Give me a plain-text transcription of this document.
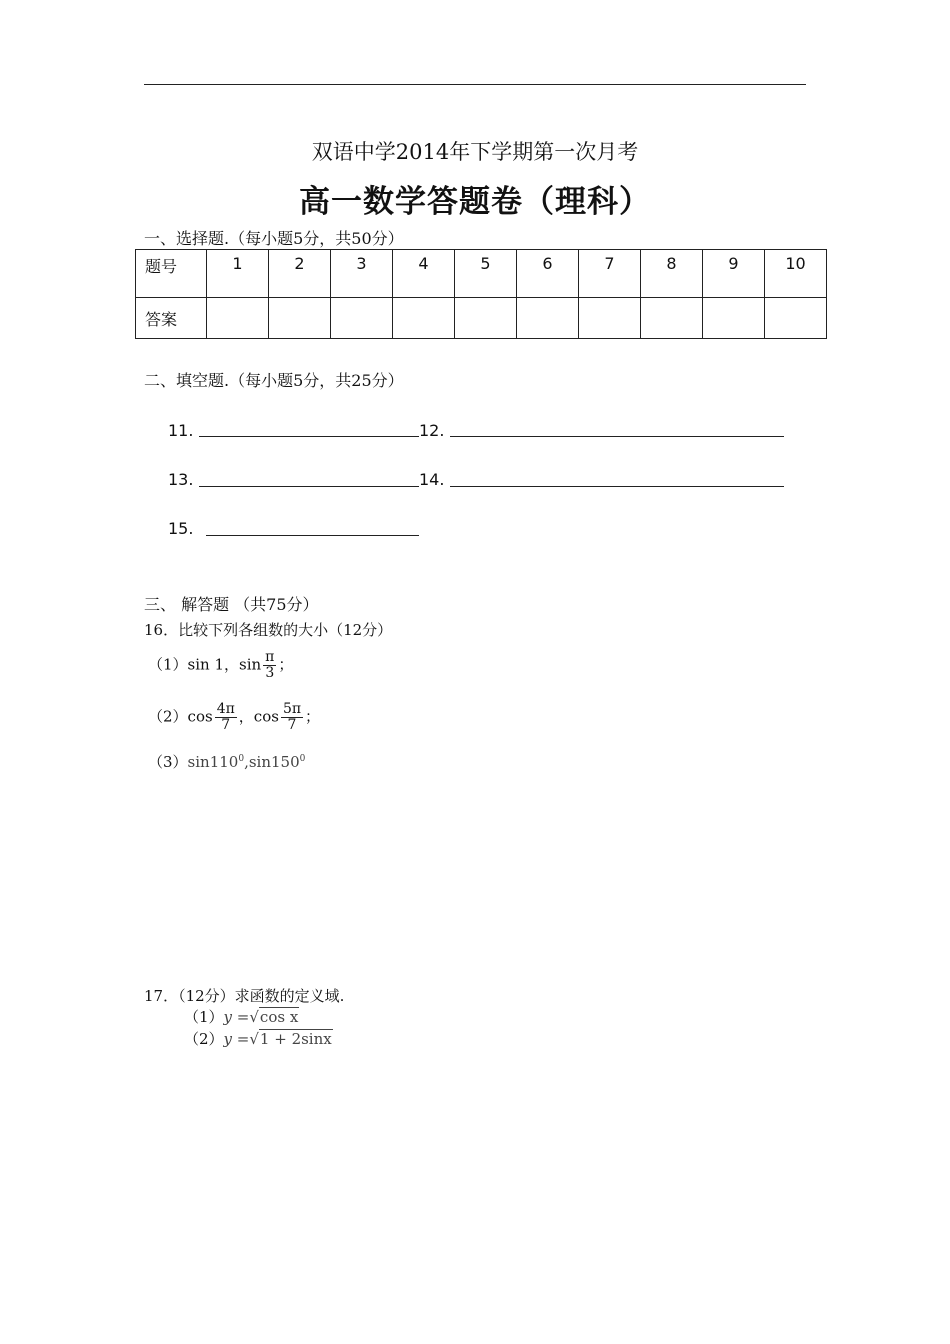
双语中学2014年下学期第一次月考
高一数学答题卷（理科）
一、选择题.（每小题5分，共50分）
题号	1	2	3	4	5	6	7	8	9	10
答案										
二、填空题.（每小题5分，共25分）
11.	12.
13.	14.
15.
三、 解答题 （共75分）
16．比较下列各组数的大小（12分）
（1）sin 1，$\sin \frac{\pi}{3}$ ；
$(2)\cos \frac{4\pi}{7}$ ，$\cos \frac{5\pi}{7}$ ；
$(3)\sin 110^0,\sin 150^0$
17．（12分）求函数的定义域.
（1）y =√cos x
（2）y =√1 + 2sinx
